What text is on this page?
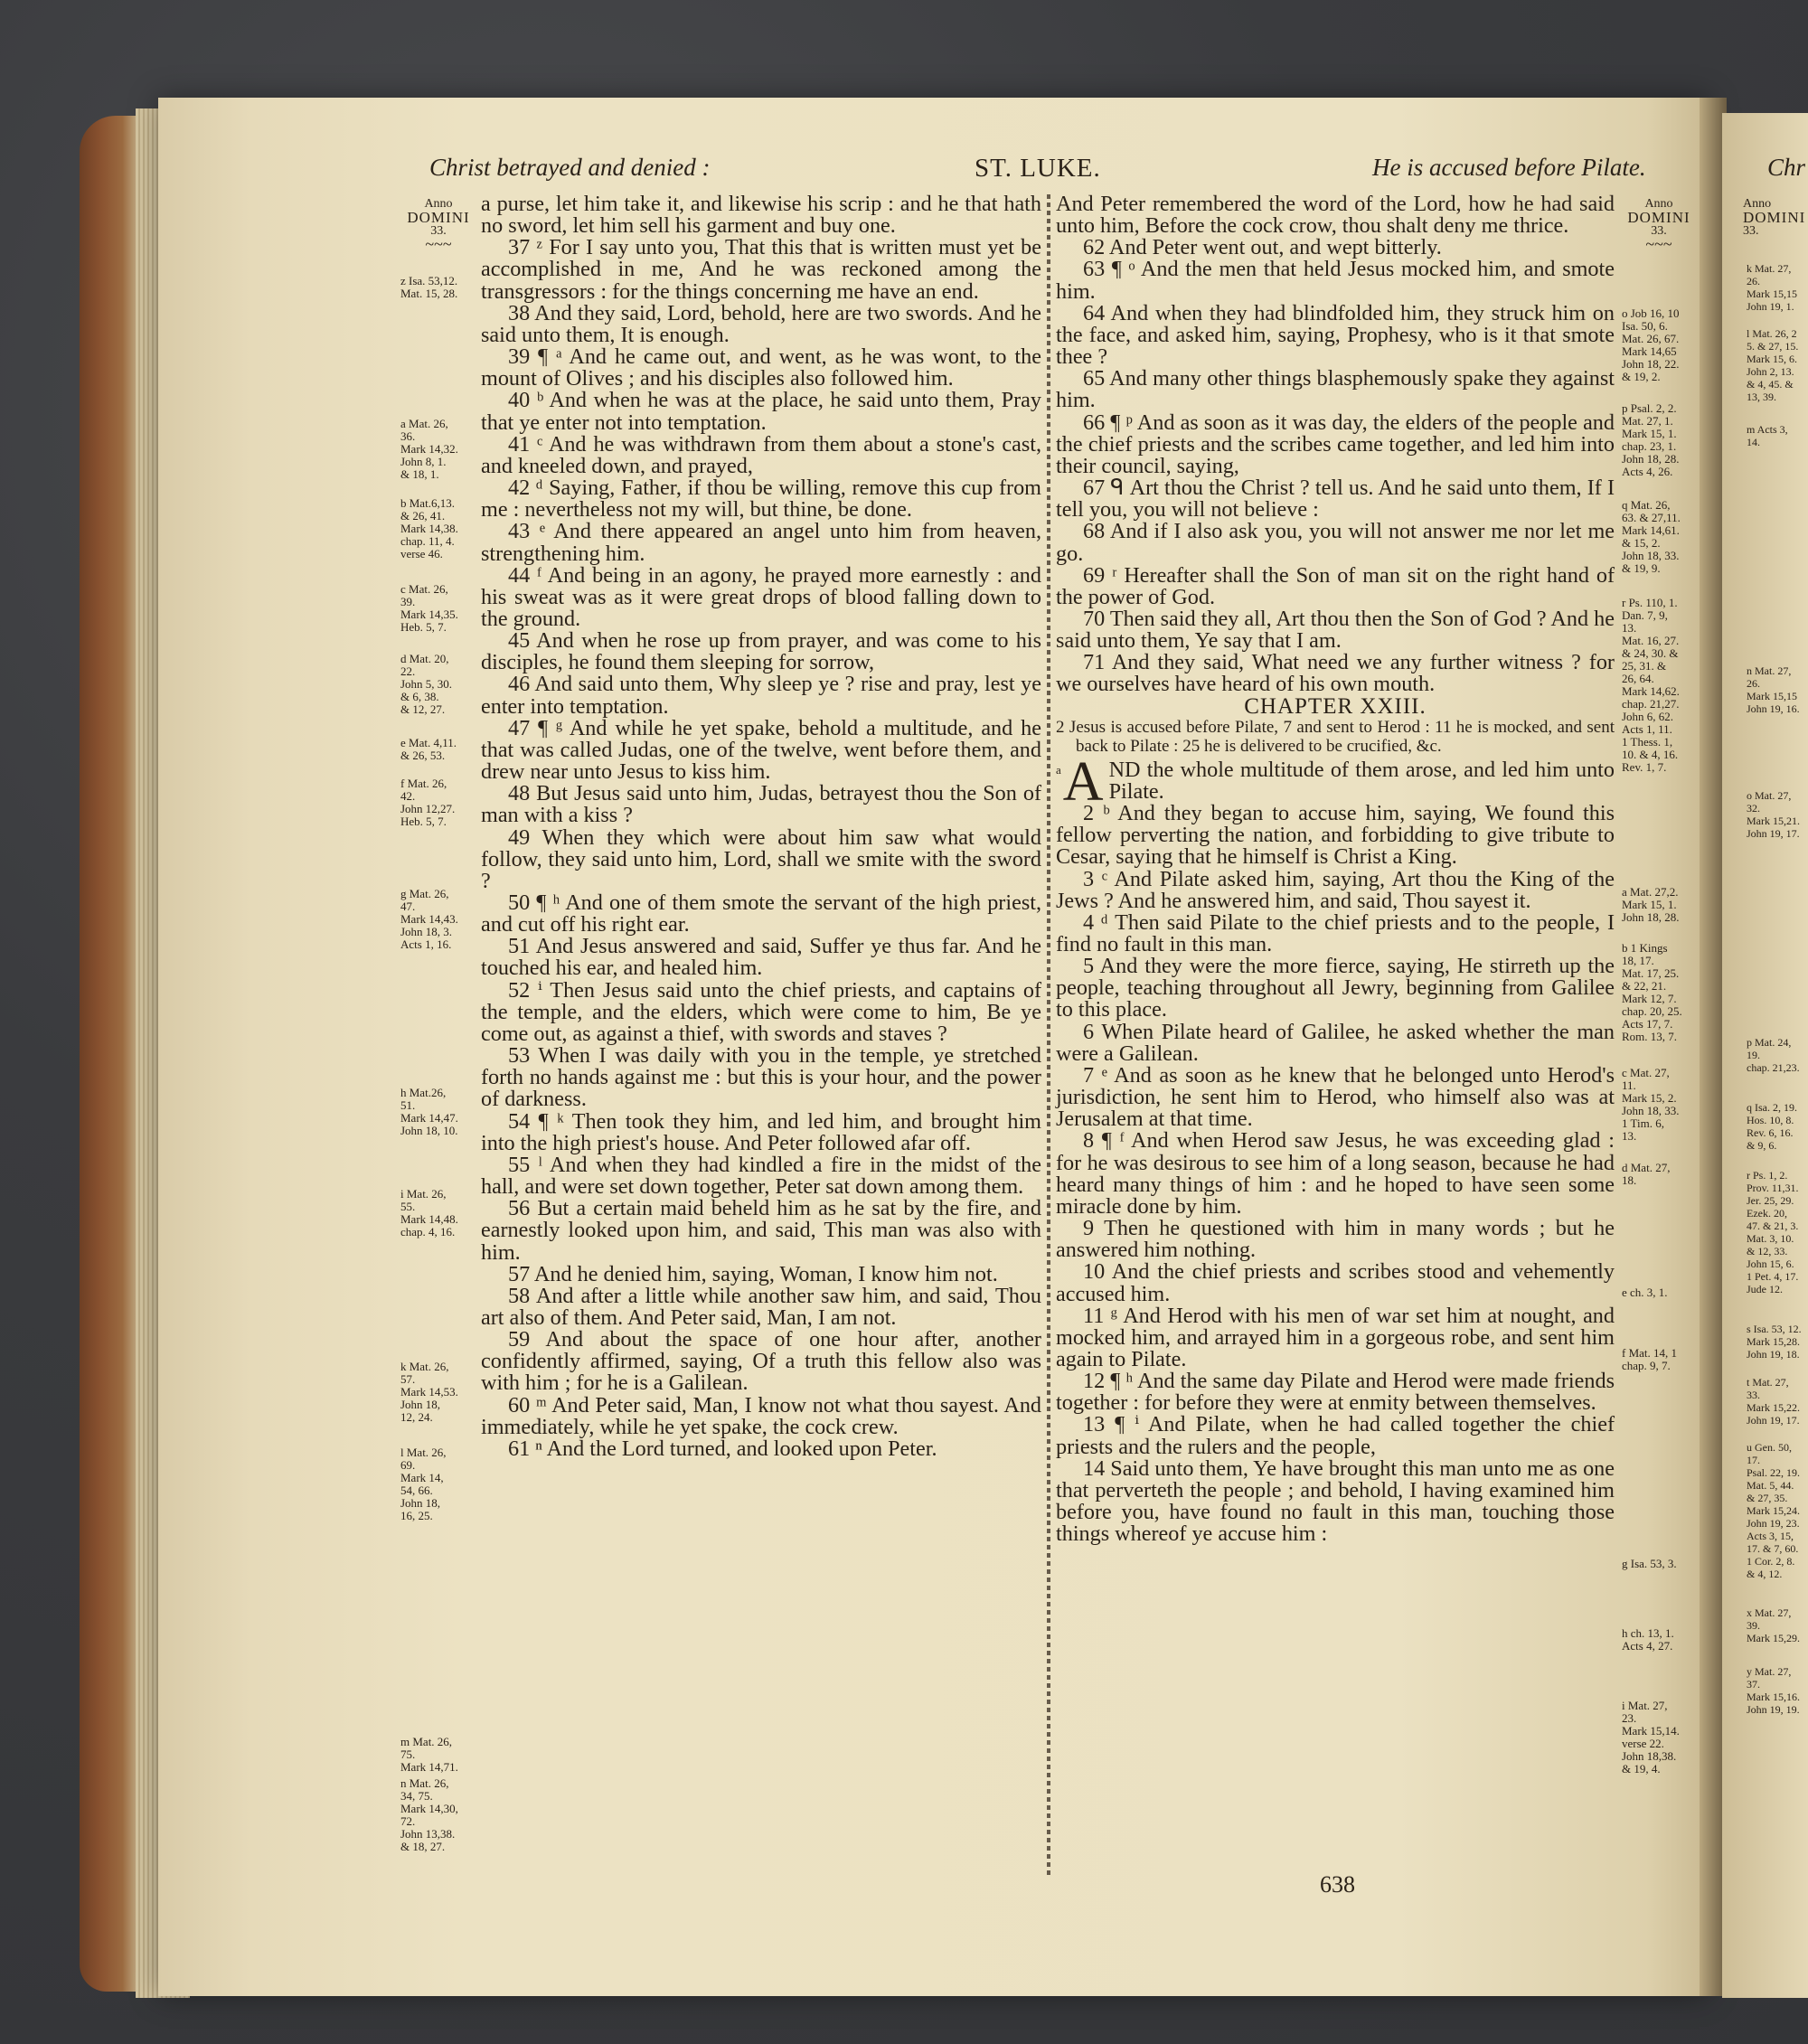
Christ betrayed and denied :	ST. LUKE.	He is accused before Pilate.	Chr
Anno
DOMINI
33.
~~~
Anno
DOMINI
33.
~~~
Anno
DOMINI
33.

a purse, let him take it, and likewise his scrip : and he that hath no sword, let him sell his garment and buy one.

37 ᶻ For I say unto you, That this that is written must yet be accomplished in me, And he was reckoned among the transgressors : for the things concerning me have an end.

38 And they said, Lord, behold, here are two swords. And he said unto them, It is enough.

39 ¶ ᵃ And he came out, and went, as he was wont, to the mount of Olives ; and his disciples also followed him.

40 ᵇ And when he was at the place, he said unto them, Pray that ye enter not into temptation.

41 ᶜ And he was withdrawn from them about a stone's cast, and kneeled down, and prayed,

42 ᵈ Saying, Father, if thou be willing, remove this cup from me : nevertheless not my will, but thine, be done.

43 ᵉ And there appeared an angel unto him from heaven, strengthening him.

44 ᶠ And being in an agony, he prayed more earnestly : and his sweat was as it were great drops of blood falling down to the ground.

45 And when he rose up from prayer, and was come to his disciples, he found them sleeping for sorrow,

46 And said unto them, Why sleep ye ? rise and pray, lest ye enter into temptation.

47 ¶ ᵍ And while he yet spake, behold a multitude, and he that was called Judas, one of the twelve, went before them, and drew near unto Jesus to kiss him.

48 But Jesus said unto him, Judas, betrayest thou the Son of man with a kiss ?

49 When they which were about him saw what would follow, they said unto him, Lord, shall we smite with the sword ?

50 ¶ ʰ And one of them smote the servant of the high priest, and cut off his right ear.

51 And Jesus answered and said, Suffer ye thus far. And he touched his ear, and healed him.

52 ⁱ Then Jesus said unto the chief priests, and captains of the temple, and the elders, which were come to him, Be ye come out, as against a thief, with swords and staves ?

53 When I was daily with you in the temple, ye stretched forth no hands against me : but this is your hour, and the power of darkness.

54 ¶ ᵏ Then took they him, and led him, and brought him into the high priest's house. And Peter followed afar off.

55 ˡ And when they had kindled a fire in the midst of the hall, and were set down together, Peter sat down among them.

56 But a certain maid beheld him as he sat by the fire, and earnestly looked upon him, and said, This man was also with him.

57 And he denied him, saying, Woman, I know him not.

58 And after a little while another saw him, and said, Thou art also of them. And Peter said, Man, I am not.

59 And about the space of one hour after, another confidently affirmed, saying, Of a truth this fellow also was with him ; for he is a Galilean.

60 ᵐ And Peter said, Man, I know not what thou sayest. And immediately, while he yet spake, the cock crew.

61 ⁿ And the Lord turned, and looked upon Peter.

And Peter remembered the word of the Lord, how he had said unto him, Before the cock crow, thou shalt deny me thrice.

62 And Peter went out, and wept bitterly.

63 ¶ ᵒ And the men that held Jesus mocked him, and smote him.

64 And when they had blindfolded him, they struck him on the face, and asked him, saying, Prophesy, who is it that smote thee ?

65 And many other things blasphemously spake they against him.

66 ¶ ᵖ And as soon as it was day, the elders of the people and the chief priests and the scribes came together, and led him into their council, saying,

67 ᑫ Art thou the Christ ? tell us. And he said unto them, If I tell you, you will not believe :

68 And if I also ask you, you will not answer me nor let me go.

69 ʳ Hereafter shall the Son of man sit on the right hand of the power of God.

70 Then said they all, Art thou then the Son of God ? And he said unto them, Ye say that I am.

71 And they said, What need we any further witness ? for we ourselves have heard of his own mouth.

CHAPTER XXIII.

2 Jesus is accused before Pilate, 7 and sent to Herod : 11 he is mocked, and sent back to Pilate : 25 he is delivered to be crucified, &c.

a A ND the whole multitude of them arose, and led him unto Pilate.

2 ᵇ And they began to accuse him, saying, We found this fellow perverting the nation, and forbidding to give tribute to Cesar, saying that he himself is Christ a King.

3 ᶜ And Pilate asked him, saying, Art thou the King of the Jews ? And he answered him, and said, Thou sayest it.

4 ᵈ Then said Pilate to the chief priests and to the people, I find no fault in this man.

5 And they were the more fierce, saying, He stirreth up the people, teaching throughout all Jewry, beginning from Galilee to this place.

6 When Pilate heard of Galilee, he asked whether the man were a Galilean.

7 ᵉ And as soon as he knew that he belonged unto Herod's jurisdiction, he sent him to Herod, who himself also was at Jerusalem at that time.

8 ¶ ᶠ And when Herod saw Jesus, he was exceeding glad : for he was desirous to see him of a long season, because he had heard many things of him : and he hoped to have seen some miracle done by him.

9 Then he questioned with him in many words ; but he answered him nothing.

10 And the chief priests and scribes stood and vehemently accused him.

11 ᵍ And Herod with his men of war set him at nought, and mocked him, and arrayed him in a gorgeous robe, and sent him again to Pilate.

12 ¶ ʰ And the same day Pilate and Herod were made friends together : for before they were at enmity between themselves.

13 ¶ ⁱ And Pilate, when he had called together the chief priests and the rulers and the people,

14 Said unto them, Ye have brought this man unto me as one that perverteth the people ; and behold, I having examined him before you, have found no fault in this man, touching those things whereof ye accuse him :

z Isa. 53,12.
Mat. 15, 28.

a Mat. 26,
36.
Mark 14,32.
John 8, 1.
& 18, 1.

b Mat.6,13.
& 26, 41.
Mark 14,38.
chap. 11, 4.
verse 46.

c Mat. 26,
39.
Mark 14,35.
Heb. 5, 7.

d Mat. 20,
22.
John 5, 30.
& 6, 38.
& 12, 27.

e Mat. 4,11.
& 26, 53.

f Mat. 26,
42.
John 12,27.
Heb. 5, 7.

g Mat. 26,
47.
Mark 14,43.
John 18, 3.
Acts 1, 16.

h Mat.26,
51.
Mark 14,47.
John 18, 10.

i Mat. 26,
55.
Mark 14,48.
chap. 4, 16.

k Mat. 26,
57.
Mark 14,53.
John 18,
12, 24.

l Mat. 26,
69.
Mark 14,
54, 66.
John 18,
16, 25.

m Mat. 26,
75.
Mark 14,71.

n Mat. 26,
34, 75.
Mark 14,30,
72.
John 13,38.
& 18, 27.

o Job 16, 10
Isa. 50, 6.
Mat. 26, 67.
Mark 14,65
John 18, 22.
& 19, 2.

p Psal. 2, 2.
Mat. 27, 1.
Mark 15, 1.
chap. 23, 1.
John 18, 28.
Acts 4, 26.

q Mat. 26,
63. & 27,11.
Mark 14,61.
& 15, 2.
John 18, 33.
& 19, 9.

r Ps. 110, 1.
Dan. 7, 9,
13.
Mat. 16, 27.
& 24, 30. &
25, 31. &
26, 64.
Mark 14,62.
chap. 21,27.
John 6, 62.
Acts 1, 11.
1 Thess. 1,
10. & 4, 16.
Rev. 1, 7.

a Mat. 27,2.
Mark 15, 1.
John 18, 28.

b 1 Kings
18, 17.
Mat. 17, 25.
& 22, 21.
Mark 12, 7.
chap. 20, 25.
Acts 17, 7.
Rom. 13, 7.

c Mat. 27,
11.
Mark 15, 2.
John 18, 33.
1 Tim. 6,
13.

d Mat. 27,
18.

e ch. 3, 1.

f Mat. 14, 1
chap. 9, 7.

g Isa. 53, 3.

h ch. 13, 1.
Acts 4, 27.

i Mat. 27,
23.
Mark 15,14.
verse 22.
John 18,38.
& 19, 4.

k Mat. 27,
26.
Mark 15,15
John 19, 1.

l Mat. 26, 2
5. & 27, 15.
Mark 15, 6.
John 2, 13.
& 4, 45. &
13, 39.

m Acts 3,
14.

n Mat. 27,
26.
Mark 15,15
John 19, 16.

o Mat. 27,
32.
Mark 15,21.
John 19, 17.

p Mat. 24,
19.
chap. 21,23.

q Isa. 2, 19.
Hos. 10, 8.
Rev. 6, 16.
& 9, 6.

r Ps. 1, 2.
Prov. 11,31.
Jer. 25, 29.
Ezek. 20,
47. & 21, 3.
Mat. 3, 10.
& 12, 33.
John 15, 6.
1 Pet. 4, 17.
Jude 12.

s Isa. 53, 12.
Mark 15,28.
John 19, 18.

t Mat. 27,
33.
Mark 15,22.
John 19, 17.

u Gen. 50,
17.
Psal. 22, 19.
Mat. 5, 44.
& 27, 35.
Mark 15,24.
John 19, 23.
Acts 3, 15,
17. & 7, 60.
1 Cor. 2, 8.
& 4, 12.

x Mat. 27,
39.
Mark 15,29.

y Mat. 27,
37.
Mark 15,16.
John 19, 19.

638
